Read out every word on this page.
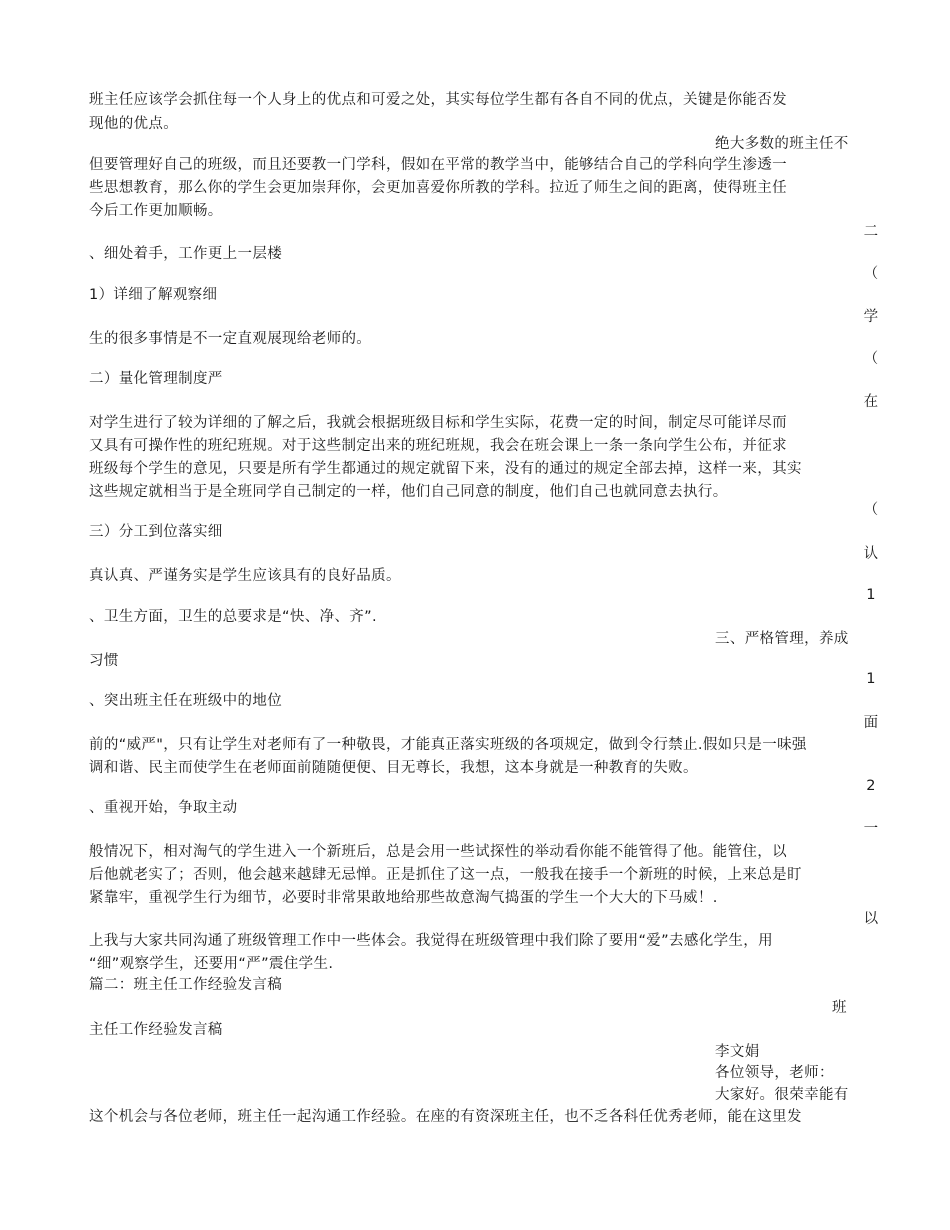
班主任应该学会抓住每一个人身上的优点和可爱之处，其实每位学生都有各自不同的优点，关键是你能否发
现他的优点。
绝大多数的班主任不
但要管理好自己的班级，而且还要教一门学科，假如在平常的教学当中，能够结合自己的学科向学生渗透一
些思想教育，那么你的学生会更加崇拜你，会更加喜爱你所教的学科。拉近了师生之间的距离，使得班主任
今后工作更加顺畅。
二
、细处着手，工作更上一层楼
（
1）详细了解观察细
学
生的很多事情是不一定直观展现给老师的。
（
二）量化管理制度严
在
对学生进行了较为详细的了解之后，我就会根据班级目标和学生实际，花费一定的时间，制定尽可能详尽而
又具有可操作性的班纪班规。对于这些制定出来的班纪班规，我会在班会课上一条一条向学生公布，并征求
班级每个学生的意见，只要是所有学生都通过的规定就留下来，没有的通过的规定全部去掉，这样一来，其实
这些规定就相当于是全班同学自己制定的一样，他们自己同意的制度，他们自己也就同意去执行。
（
三）分工到位落实细
认
真认真、严谨务实是学生应该具有的良好品质。
1
、卫生方面，卫生的总要求是“快、净、齐”.
三、严格管理，养成
习惯
1
、突出班主任在班级中的地位
面
前的“威严"，只有让学生对老师有了一种敬畏，才能真正落实班级的各项规定，做到令行禁止.假如只是一味强
调和谐、民主而使学生在老师面前随随便便、目无尊长，我想，这本身就是一种教育的失败。
2
、重视开始，争取主动
一
般情况下，相对淘气的学生进入一个新班后，总是会用一些试探性的举动看你能不能管得了他。能管住，以
后他就老实了；否则，他会越来越肆无忌惮。正是抓住了这一点，一般我在接手一个新班的时候，上来总是盯
紧靠牢，重视学生行为细节，必要时非常果敢地给那些故意淘气捣蛋的学生一个大大的下马威！.
以
上我与大家共同沟通了班级管理工作中一些体会。我觉得在班级管理中我们除了要用“爱”去感化学生，用
“细”观察学生，还要用“严”震住学生.
篇二：班主任工作经验发言稿
班
主任工作经验发言稿
李文娟
各位领导，老师：
大家好。很荣幸能有
这个机会与各位老师，班主任一起沟通工作经验。在座的有资深班主任，也不乏各科任优秀老师，能在这里发
